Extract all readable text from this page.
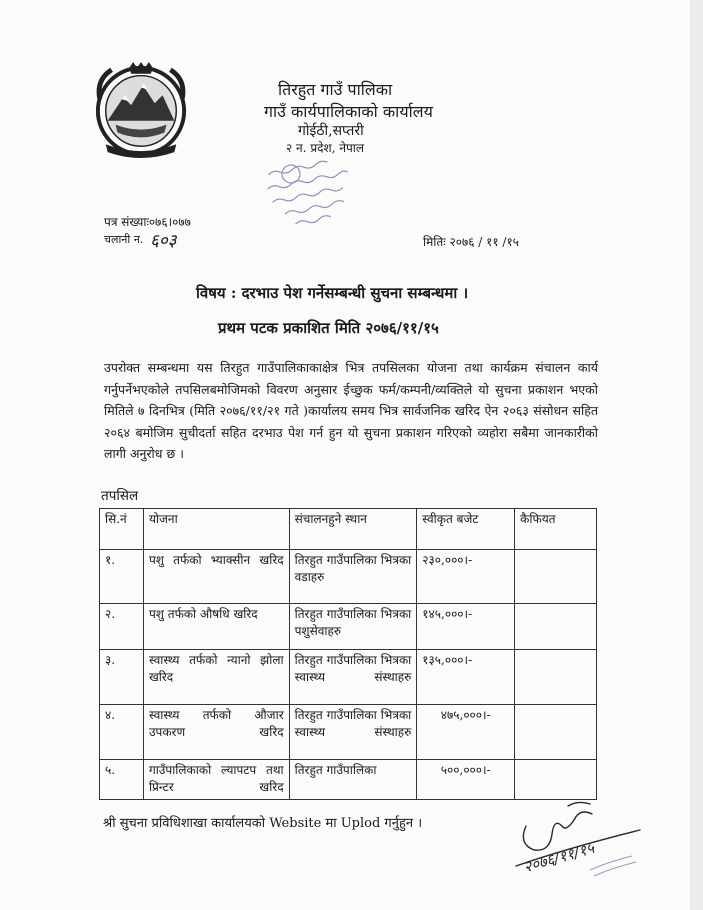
तिरहुत गाउँ पालिका
गाउँ कार्यपालिकाको कार्यालय
गोईठी,सप्तरी
२ न. प्रदेश, नेपाल
पत्र संख्याः०७६।०७७
चलानी न. ६०३	मितिः २०७६ / ११ /१५
विषय : दरभाउ पेश गर्नेसम्बन्धी सुचना सम्बन्धमा ।
प्रथम पटक प्रकाशित मिति २०७६/११/१५
उपरोक्त सम्बन्धमा यस तिरहुत गाउँपालिकाकाक्षेत्र भित्र तपसिलका योजना तथा कार्यक्रम संचालन कार्य गर्नुपर्नेभएकोले तपसिलबमोजिमको विवरण अनुसार ईच्छुक फर्म/कम्पनी/व्यक्तिले यो सुचना प्रकाशन भएको मितिले ७ दिनभित्र (मिति २०७६/११/२१ गते )कार्यालय समय भित्र सार्वजनिक खरिद ऐन २०६३ संसोधन सहित २०६४ बमोजिम सुचीदर्ता सहित दरभाउ पेश गर्न हुन यो सुचना प्रकाशन गरिएको व्यहोरा सबैमा जानकारीको लागी अनुरोध छ ।
तपसिल
सि.नं	योजना	संचालनहुने स्थान	स्वीकृत बजेट	कैफियत
१.	पशु तर्फको भ्याक्सीन खरिद	तिरहुत गाउँपालिका भित्रका वडाहरु	२३०,०००।-	
२.	पशु तर्फको औषधि खरिद	तिरहुत गाउँपालिका भित्रका पशुसेवाहरु	१४५,०००।-	
३.	स्वास्थ्य तर्फको न्यानो झोला खरिद	तिरहुत गाउँपालिका भित्रका स्वास्थ्य संस्थाहरु	१३५,०००।-	
४.	स्वास्थ्य तर्फको औजार उपकरण खरिद	तिरहुत गाउँपालिका भित्रका स्वास्थ्य संस्थाहरु	४७५,०००।-	
५.	गाउँपालिकाको ल्यापटप तथा प्रिन्टर खरिद	तिरहुत गाउँपालिका	५००,०००।-	
श्री सुचना प्रविधिशाखा कार्यालयको Website मा Uplod गर्नुहुन ।
२०७६/११/१५
